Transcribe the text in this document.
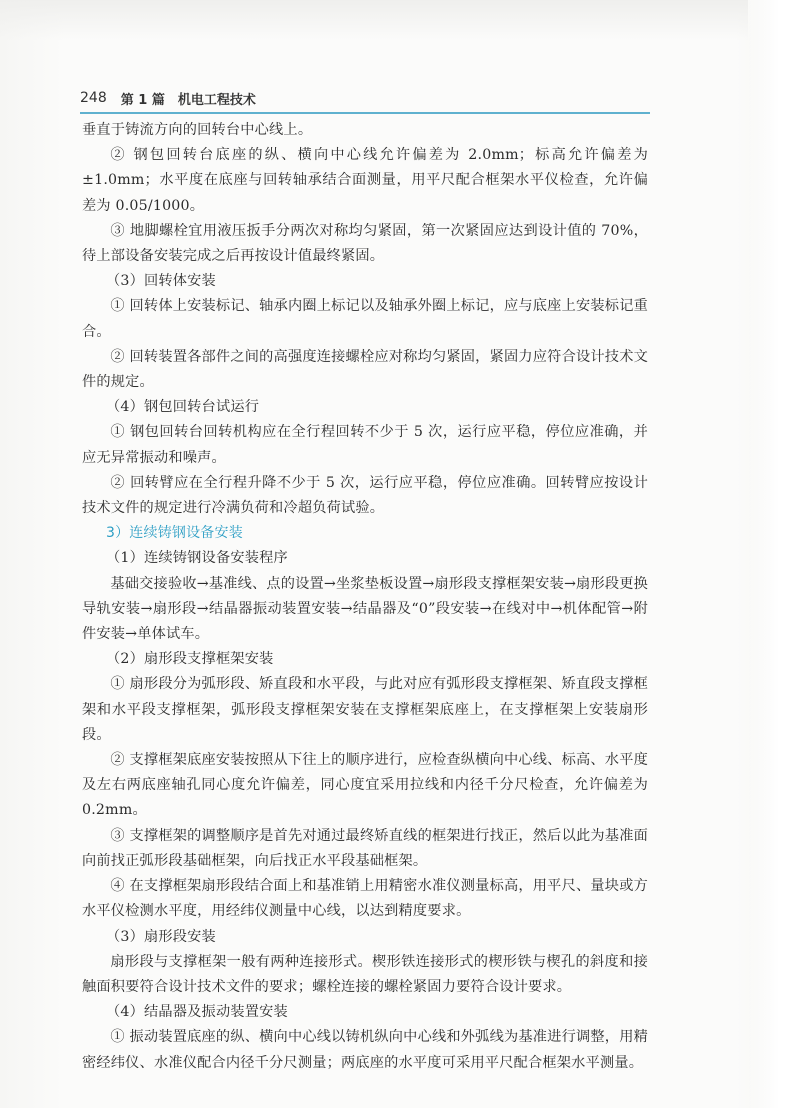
248 第 1 篇　机电工程技术

垂直于铸流方向的回转台中心线上。

② 钢包回转台底座的纵、横向中心线允许偏差为 2.0mm；标高允许偏差为 ±1.0mm；水平度在底座与回转轴承结合面测量，用平尺配合框架水平仪检查，允许偏差为 0.05/1000。

③ 地脚螺栓宜用液压扳手分两次对称均匀紧固，第一次紧固应达到设计值的 70%，待上部设备安装完成之后再按设计值最终紧固。

（3）回转体安装

① 回转体上安装标记、轴承内圈上标记以及轴承外圈上标记，应与底座上安装标记重合。

② 回转装置各部件之间的高强度连接螺栓应对称均匀紧固，紧固力应符合设计技术文件的规定。

（4）钢包回转台试运行

① 钢包回转台回转机构应在全行程回转不少于 5 次，运行应平稳，停位应准确，并应无异常振动和噪声。

② 回转臂应在全行程升降不少于 5 次，运行应平稳，停位应准确。回转臂应按设计技术文件的规定进行冷满负荷和冷超负荷试验。

3）连续铸钢设备安装

（1）连续铸钢设备安装程序

基础交接验收→基准线、点的设置→坐浆垫板设置→扇形段支撑框架安装→扇形段更换导轨安装→扇形段→结晶器振动装置安装→结晶器及“0”段安装→在线对中→机体配管→附件安装→单体试车。

（2）扇形段支撑框架安装

① 扇形段分为弧形段、矫直段和水平段，与此对应有弧形段支撑框架、矫直段支撑框架和水平段支撑框架，弧形段支撑框架安装在支撑框架底座上，在支撑框架上安装扇形段。

② 支撑框架底座安装按照从下往上的顺序进行，应检查纵横向中心线、标高、水平度及左右两底座轴孔同心度允许偏差，同心度宜采用拉线和内径千分尺检查，允许偏差为 0.2mm。

③ 支撑框架的调整顺序是首先对通过最终矫直线的框架进行找正，然后以此为基准面向前找正弧形段基础框架，向后找正水平段基础框架。

④ 在支撑框架扇形段结合面上和基准销上用精密水准仪测量标高，用平尺、量块或方水平仪检测水平度，用经纬仪测量中心线，以达到精度要求。

（3）扇形段安装

扇形段与支撑框架一般有两种连接形式。楔形铁连接形式的楔形铁与楔孔的斜度和接触面积要符合设计技术文件的要求；螺栓连接的螺栓紧固力要符合设计要求。

（4）结晶器及振动装置安装

① 振动装置底座的纵、横向中心线以铸机纵向中心线和外弧线为基准进行调整，用精密经纬仪、水准仪配合内径千分尺测量；两底座的水平度可采用平尺配合框架水平测量。
